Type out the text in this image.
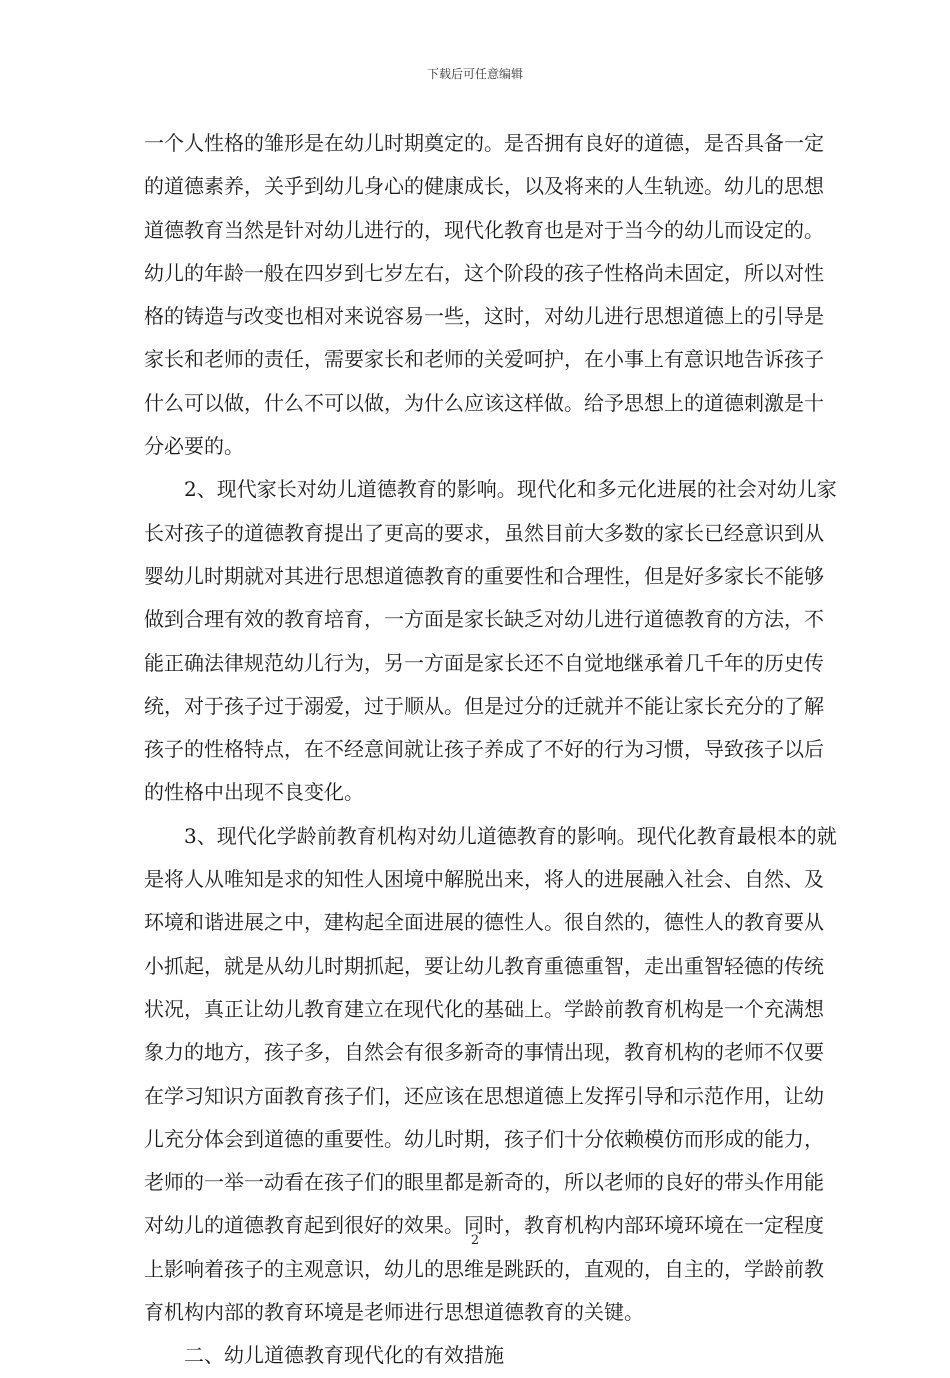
下载后可任意编辑
一个人性格的雏形是在幼儿时期奠定的。是否拥有良好的道德，是否具备一定
的道德素养，关乎到幼儿身心的健康成长，以及将来的人生轨迹。幼儿的思想
道德教育当然是针对幼儿进行的，现代化教育也是对于当今的幼儿而设定的。
幼儿的年龄一般在四岁到七岁左右，这个阶段的孩子性格尚未固定，所以对性
格的铸造与改变也相对来说容易一些，这时，对幼儿进行思想道德上的引导是
家长和老师的责任，需要家长和老师的关爱呵护，在小事上有意识地告诉孩子
什么可以做，什么不可以做，为什么应该这样做。给予思想上的道德刺激是十
分必要的。
2、现代家长对幼儿道德教育的影响。现代化和多元化进展的社会对幼儿家
长对孩子的道德教育提出了更高的要求，虽然目前大多数的家长已经意识到从
婴幼儿时期就对其进行思想道德教育的重要性和合理性，但是好多家长不能够
做到合理有效的教育培育，一方面是家长缺乏对幼儿进行道德教育的方法，不
能正确法律规范幼儿行为，另一方面是家长还不自觉地继承着几千年的历史传
统，对于孩子过于溺爱，过于顺从。但是过分的迁就并不能让家长充分的了解
孩子的性格特点，在不经意间就让孩子养成了不好的行为习惯，导致孩子以后
的性格中出现不良变化。
3、现代化学龄前教育机构对幼儿道德教育的影响。现代化教育最根本的就
是将人从唯知是求的知性人困境中解脱出来，将人的进展融入社会、自然、及
环境和谐进展之中，建构起全面进展的德性人。很自然的，德性人的教育要从
小抓起，就是从幼儿时期抓起，要让幼儿教育重德重智，走出重智轻德的传统
状况，真正让幼儿教育建立在现代化的基础上。学龄前教育机构是一个充满想
象力的地方，孩子多，自然会有很多新奇的事情出现，教育机构的老师不仅要
在学习知识方面教育孩子们，还应该在思想道德上发挥引导和示范作用，让幼
儿充分体会到道德的重要性。幼儿时期，孩子们十分依赖模仿而形成的能力，
老师的一举一动看在孩子们的眼里都是新奇的，所以老师的良好的带头作用能
对幼儿的道德教育起到很好的效果。同时，教育机构内部环境环境在一定程度
上影响着孩子的主观意识，幼儿的思维是跳跃的，直观的，自主的，学龄前教
育机构内部的教育环境是老师进行思想道德教育的关键。
二、幼儿道德教育现代化的有效措施
2
